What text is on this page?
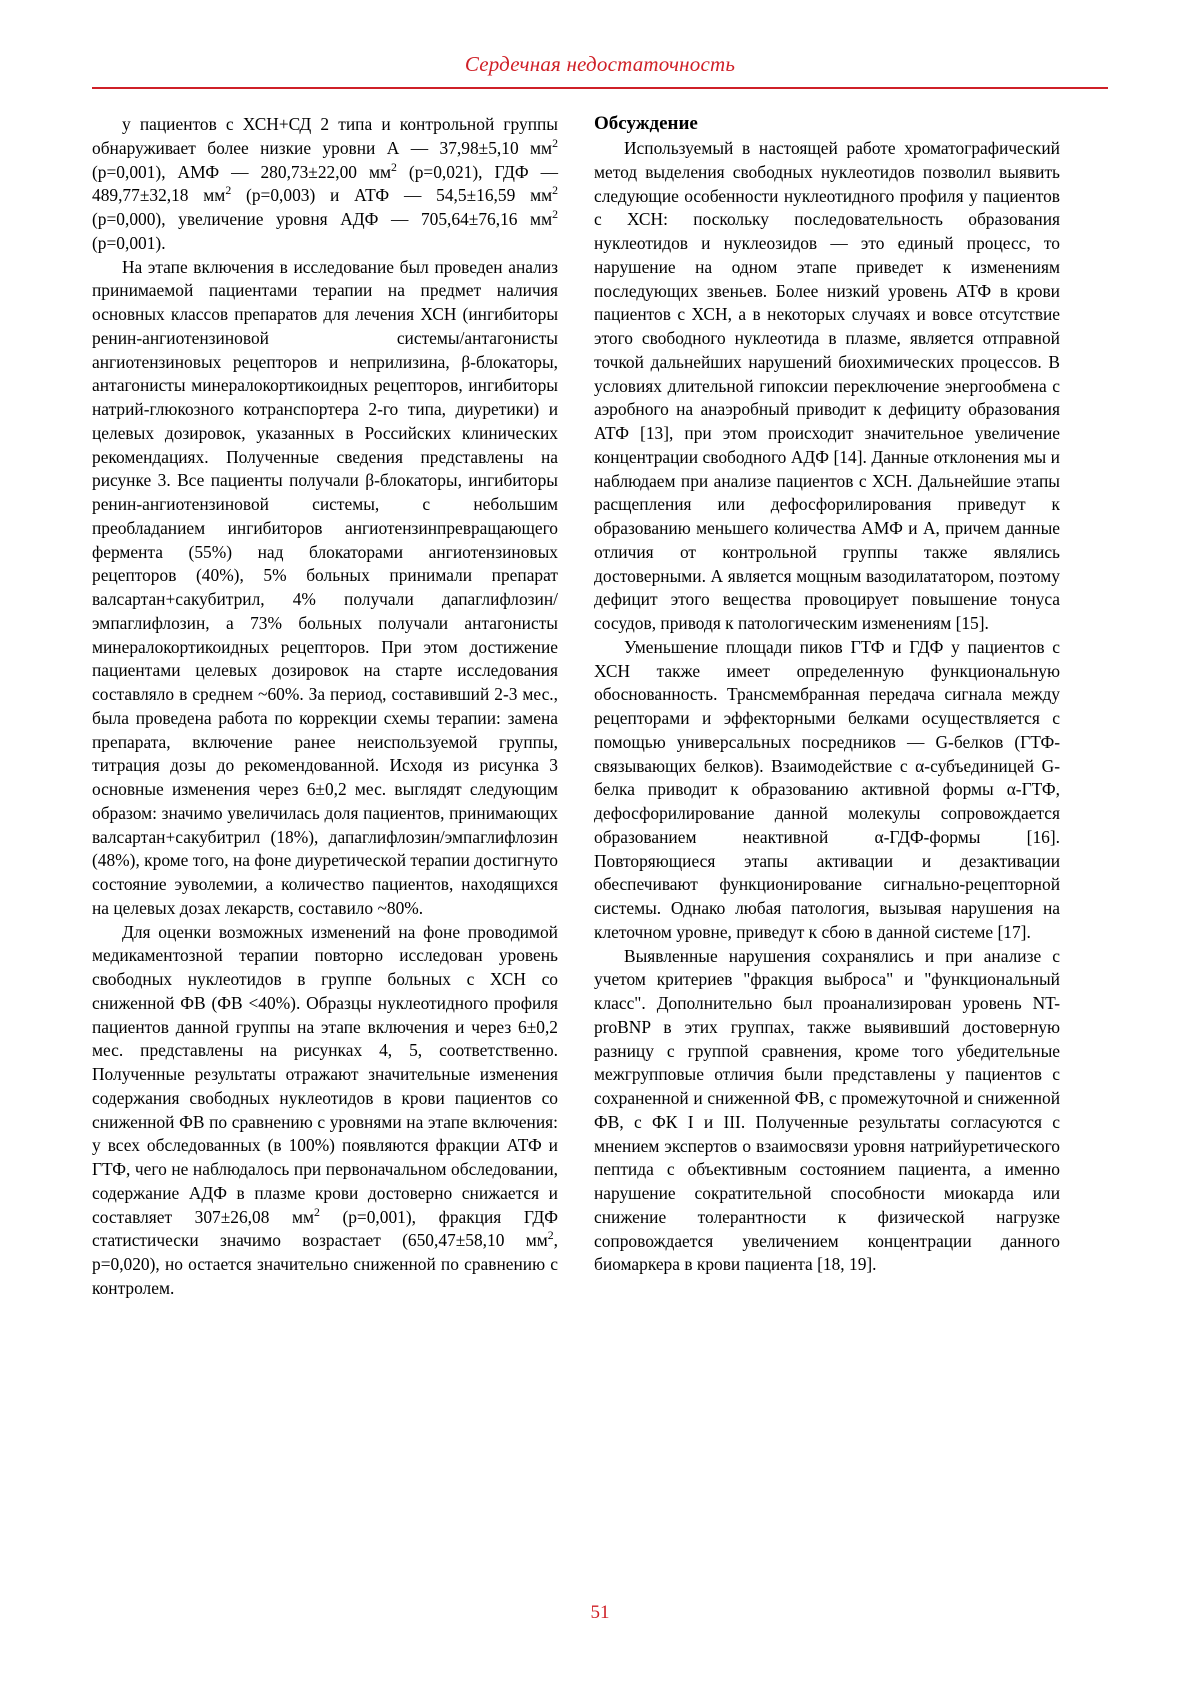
Сердечная недостаточность

у пациентов с ХСН+СД 2 типа и контрольной группы обнаруживает более низкие уровни А — 37,98±5,10 $мм^2$ (p=0,001), АМФ — 280,73±22,00 $мм^2$ (p=0,021), ГДФ — 489,77±32,18 $мм^2$ (p=0,003) и АТФ — 54,5±16,59 $мм^2$ (p=0,000), увеличение уровня АДФ — 705,64±76,16 $мм^2$ (p=0,001).

На этапе включения в исследование был проведен анализ принимаемой пациентами терапии на предмет наличия основных классов препаратов для лечения ХСН (ингибиторы ренин-ангиотензиновой системы/антагонисты ангиотензиновых рецепторов и неприлизина, β-блокаторы, антагонисты минералокортикоидных рецепторов, ингибиторы натрий-глюкозного котранспортера 2-го типа, диуретики) и целевых дозировок, указанных в Российских клинических рекомендациях. Полученные сведения представлены на рисунке 3. Все пациенты получали β-блокаторы, ингибиторы ренин-ангиотензиновой системы, с небольшим преобладанием ингибиторов ангиотензинпревращающего фермента (55%) над блокаторами ангиотензиновых рецепторов (40%), 5% больных принимали препарат валсартан+сакубитрил, 4% получали дапаглифлозин/эмпаглифлозин, а 73% больных получали антагонисты минералокортикоидных рецепторов. При этом достижение пациентами целевых дозировок на старте исследования составляло в среднем ~60%. За период, составивший 2-3 мес., была проведена работа по коррекции схемы терапии: замена препарата, включение ранее неиспользуемой группы, титрация дозы до рекомендованной. Исходя из рисунка 3 основные изменения через 6±0,2 мес. выглядят следующим образом: значимо увеличилась доля пациентов, принимающих валсартан+сакубитрил (18%), дапаглифлозин/эмпаглифлозин (48%), кроме того, на фоне диуретической терапии достигнуто состояние эуволемии, а количество пациентов, находящихся на целевых дозах лекарств, составило ~80%.

Для оценки возможных изменений на фоне проводимой медикаментозной терапии повторно исследован уровень свободных нуклеотидов в группе больных с ХСН со сниженной ФВ (ФВ <40%). Образцы нуклеотидного профиля пациентов данной группы на этапе включения и через 6±0,2 мес. представлены на рисунках 4, 5, соответственно. Полученные результаты отражают значительные изменения содержания свободных нуклеотидов в крови пациентов со сниженной ФВ по сравнению с уровнями на этапе включения: у всех обследованных (в 100%) появляются фракции АТФ и ГТФ, чего не наблюдалось при первоначальном обследовании, содержание АДФ в плазме крови достоверно снижается и составляет 307±26,08 $мм^2$ (p=0,001), фракция ГДФ статистически значимо возрастает (650,47±58,10 $мм^2$, p=0,020), но остается значительно сниженной по сравнению с контролем.

Обсуждение

Используемый в настоящей работе хроматографический метод выделения свободных нуклеотидов позволил выявить следующие особенности нуклеотидного профиля у пациентов с ХСН: поскольку последовательность образования нуклеотидов и нуклеозидов — это единый процесс, то нарушение на одном этапе приведет к изменениям последующих звеньев. Более низкий уровень АТФ в крови пациентов с ХСН, а в некоторых случаях и вовсе отсутствие этого свободного нуклеотида в плазме, является отправной точкой дальнейших нарушений биохимических процессов. В условиях длительной гипоксии переключение энергообмена с аэробного на анаэробный приводит к дефициту образования АТФ [13], при этом происходит значительное увеличение концентрации свободного АДФ [14]. Данные отклонения мы и наблюдаем при анализе пациентов с ХСН. Дальнейшие этапы расщепления или дефосфорилирования приведут к образованию меньшего количества АМФ и А, причем данные отличия от контрольной группы также являлись достоверными. А является мощным вазодилататором, поэтому дефицит этого вещества провоцирует повышение тонуса сосудов, приводя к патологическим изменениям [15].

Уменьшение площади пиков ГТФ и ГДФ у пациентов с ХСН также имеет определенную функциональную обоснованность. Трансмембранная передача сигнала между рецепторами и эффекторными белками осуществляется с помощью универсальных посредников — G-белков (ГТФ-связывающих белков). Взаимодействие с α-субъединицей G-белка приводит к образованию активной формы α-ГТФ, дефосфорилирование данной молекулы сопровождается образованием неактивной α-ГДФ-формы [16]. Повторяющиеся этапы активации и дезактивации обеспечивают функционирование сигнально-рецепторной системы. Однако любая патология, вызывая нарушения на клеточном уровне, приведут к сбою в данной системе [17].

Выявленные нарушения сохранялись и при анализе с учетом критериев "фракция выброса" и "функциональный класс". Дополнительно был проанализирован уровень NT-proBNP в этих группах, также выявивший достоверную разницу с группой сравнения, кроме того убедительные межгрупповые отличия были представлены у пациентов с сохраненной и сниженной ФВ, с промежуточной и сниженной ФВ, с ФК I и III. Полученные результаты согласуются с мнением экспертов о взаимосвязи уровня натрийуретического пептида с объективным состоянием пациента, а именно нарушение сократительной способности миокарда или снижение толерантности к физической нагрузке сопровождается увеличением концентрации данного биомаркера в крови пациента [18, 19].

51
